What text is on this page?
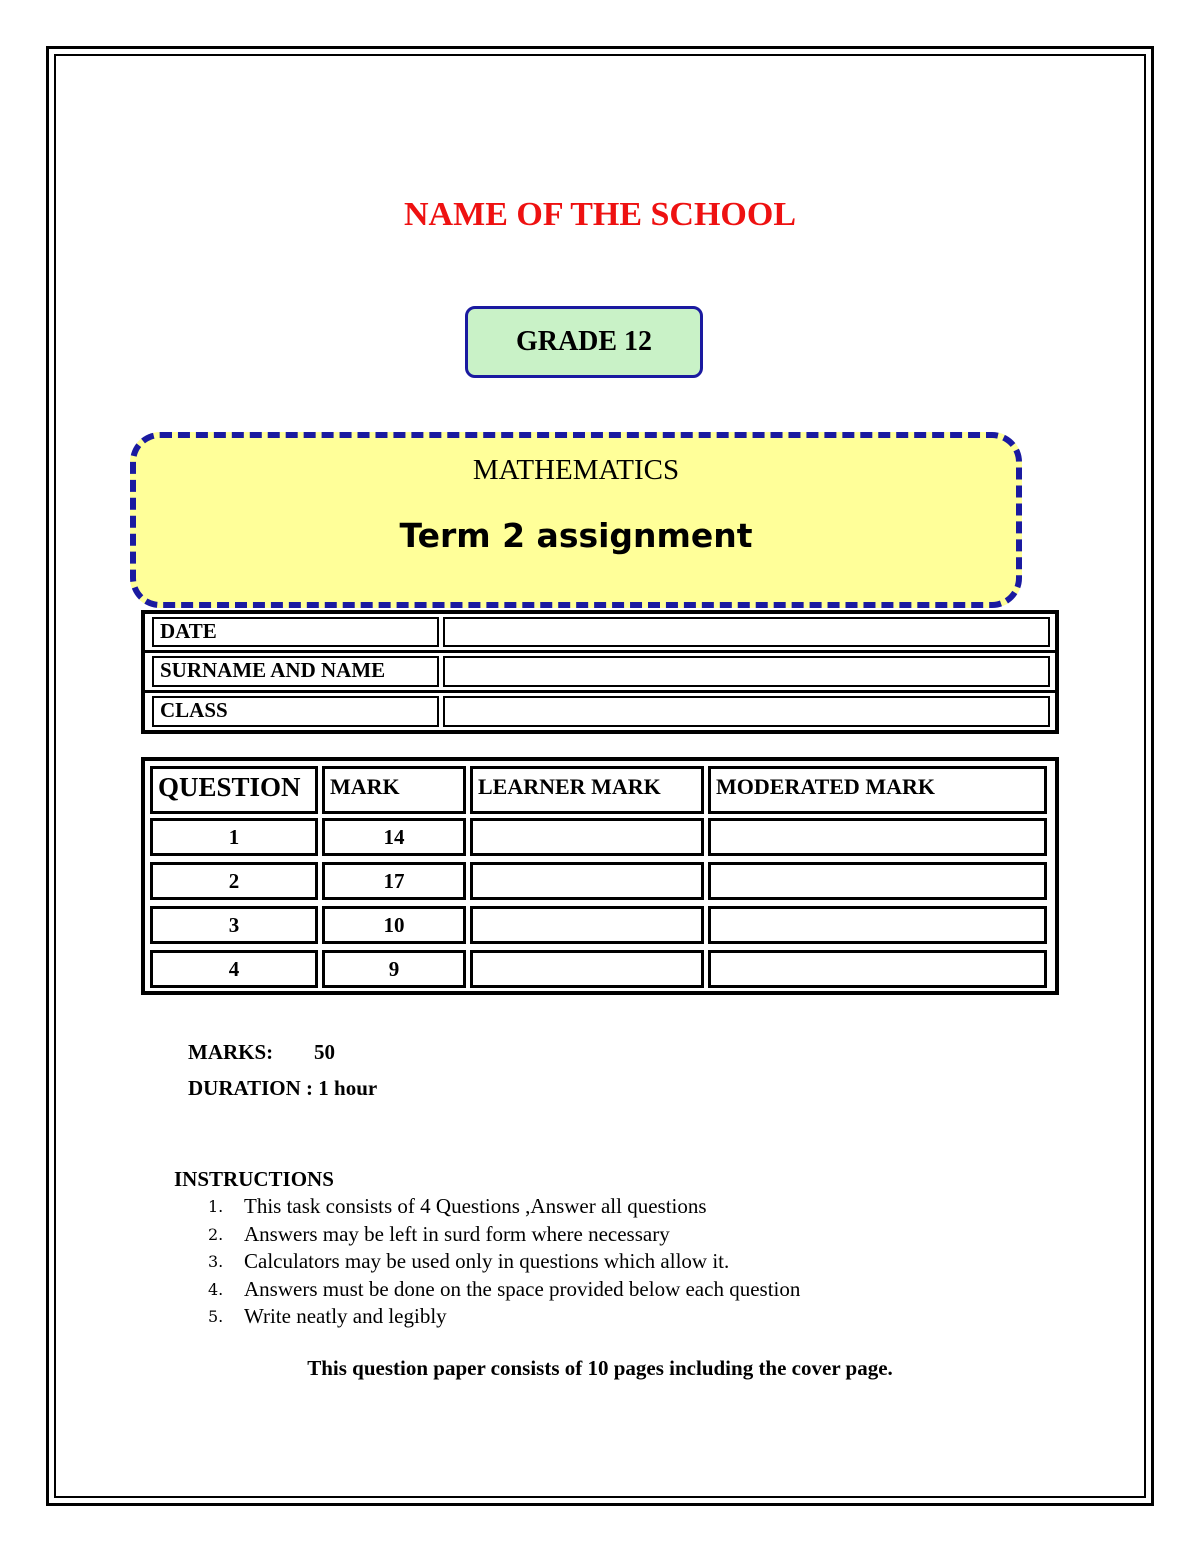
NAME OF THE SCHOOL
GRADE 12
MATHEMATICS
Term 2 assignment
DATE
SURNAME AND NAME
CLASS
QUESTION	MARK	LEARNER MARK	MODERATED MARK
1	14
2	17
3	10
4	9
MARKS: 50
DURATION : 1 hour
INSTRUCTIONS
1. This task consists of 4 Questions ,Answer all questions
2. Answers may be left in surd form where necessary
3. Calculators may be used only in questions which allow it.
4. Answers must be done on the space provided below each question
5. Write neatly and legibly
This question paper consists of 10 pages including the cover page.
